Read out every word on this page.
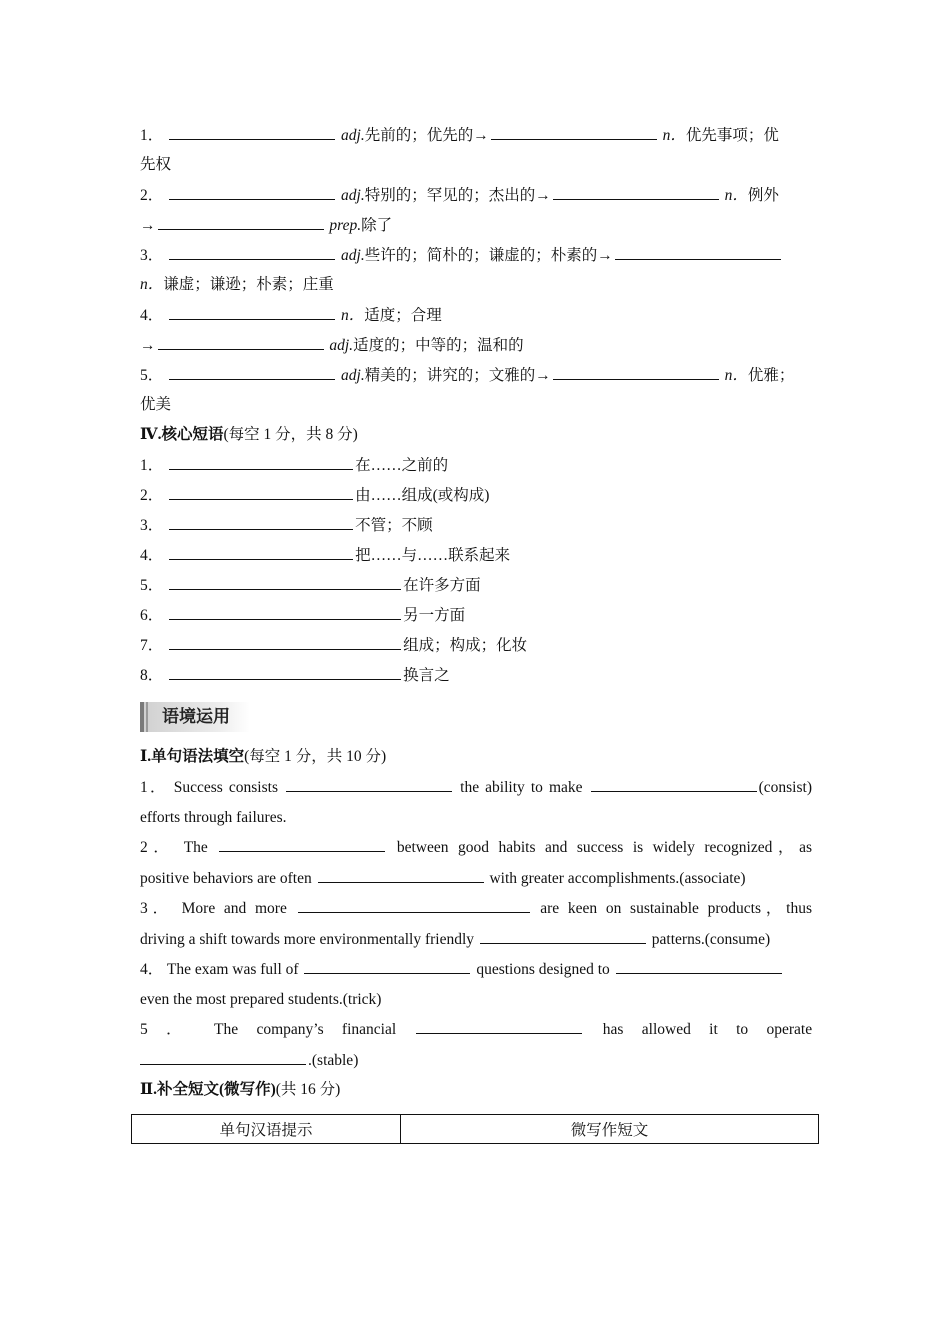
1．	adj.先前的；优先的→	n．优先事项；优
先权
2．	adj.特别的；罕见的；杰出的→	n．例外
→	prep.除了
3．	adj.些许的；简朴的；谦虚的；朴素的→
n．谦虚；谦逊；朴素；庄重
4．	n．适度；合理
→	adj.适度的；中等的；温和的
5．	adj.精美的；讲究的；文雅的→	n．优雅；
优美
Ⅳ.核心短语(每空 1 分，共 8 分)
1．	在……之前的
2．	由……组成(或构成)
3．	不管；不顾
4．	把……与……联系起来
5．	在许多方面
6．	另一方面
7．	组成；构成；化妆
8．	换言之
语境运用
Ⅰ.单句语法填空(每空 1 分，共 10 分)
1． Success consists	the ability to make	(consist)
efforts through failures.
2． The	between good habits and success is widely recognized，as
positive behaviors are often	with greater accomplishments.(associate)
3． More and more	are keen on sustainable products，thus
driving a shift towards more environmentally friendly	patterns.(consume)
4． The exam was full of	questions designed to
even the most prepared students.(trick)
5 ． The company’s financial	has allowed it to operate
.(stable)
Ⅱ.补全短文(微写作)(共 16 分)
单句汉语提示	微写作短文
